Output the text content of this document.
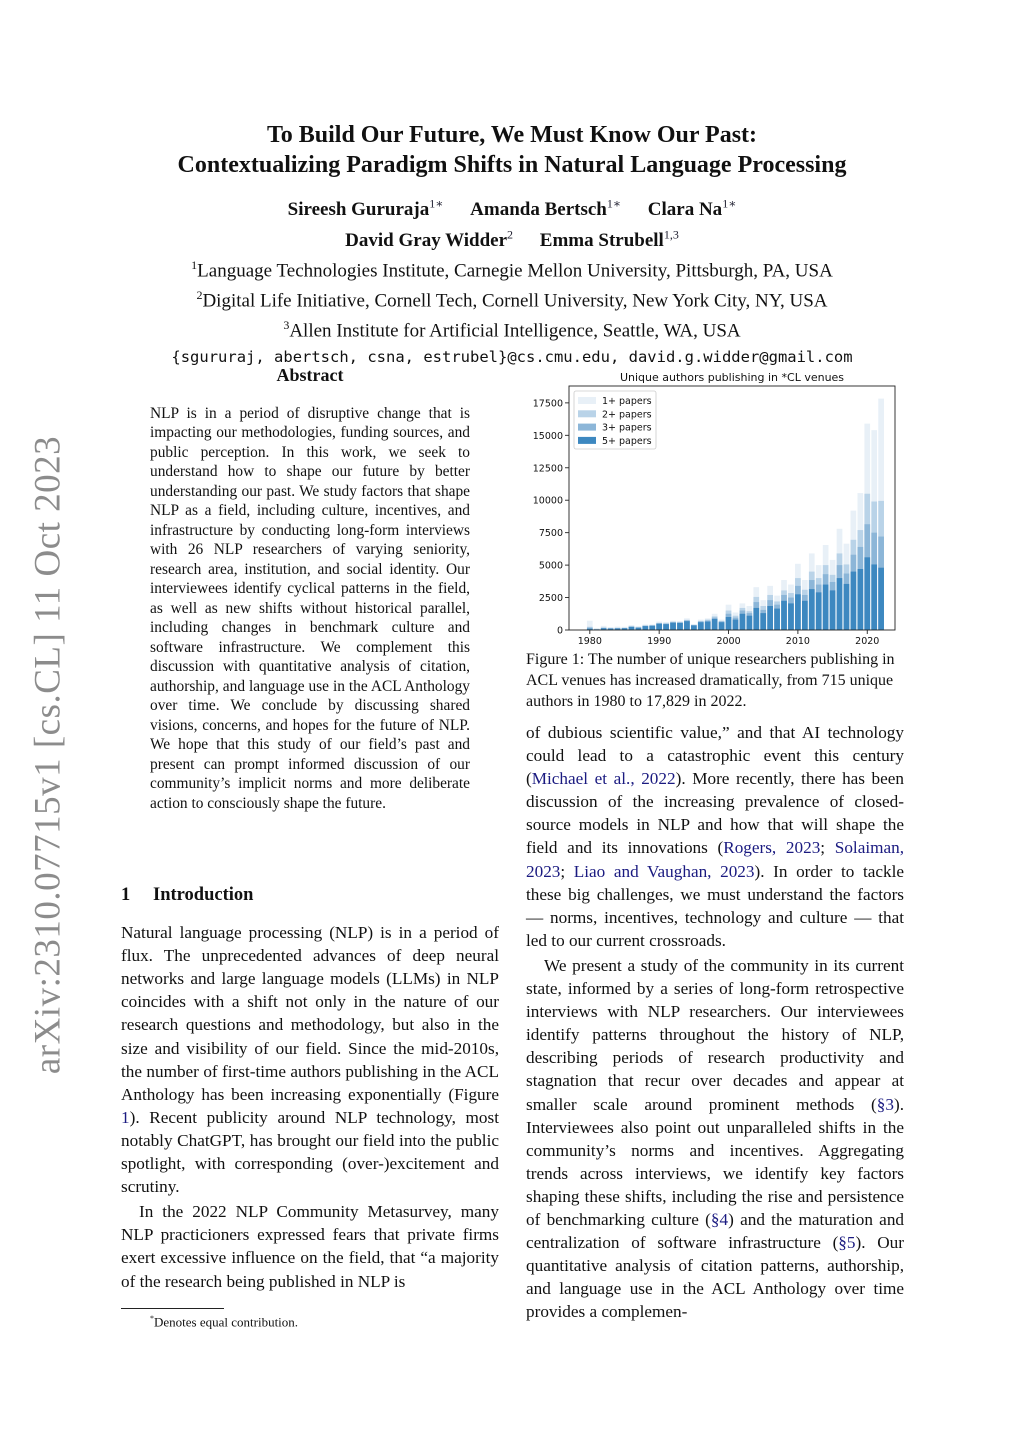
arXiv:2310.07715v1 [cs.CL] 11 Oct 2023
To Build Our Future, We Must Know Our Past:
Contextualizing Paradigm Shifts in Natural Language Processing
Sireesh Gururaja$^{1∗}$ Amanda Bertsch$^{1∗}$ Clara $Na^{1∗}$
David Gray Widder$^2$ Emma Strubell$^{1,3}$
$^1$Language Technologies Institute, Carnegie Mellon University, Pittsburgh, PA, USA
$^2$Digital Life Initiative, Cornell Tech, Cornell University, New York City, NY, USA
$^3$Allen Institute for Artificial Intelligence, Seattle, WA, USA
{sgururaj, abertsch, csna, estrubel}@cs.cmu.edu, david.g.widder@gmail.com
Abstract

NLP is in a period of disruptive change that is impacting our methodologies, funding sources, and public perception. In this work, we seek to understand how to shape our future by better understanding our past. We study factors that shape NLP as a field, including culture, incentives, and infrastructure by conducting long-form interviews with 26 NLP researchers of varying seniority, research area, institution, and social identity. Our interviewees identify cyclical patterns in the field, as well as new shifts without historical parallel, including changes in benchmark culture and software infrastructure. We complement this discussion with quantitative analysis of citation, authorship, and language use in the ACL Anthology over time. We conclude by discussing shared visions, concerns, and hopes for the future of NLP. We hope that this study of our field’s past and present can prompt informed discussion of our community’s implicit norms and more deliberate action to consciously shape the future.

1 Introduction

Natural language processing (NLP) is in a period of flux. The unprecedented advances of deep neural networks and large language models (LLMs) in NLP coincides with a shift not only in the nature of our research questions and methodology, but also in the size and visibility of our field. Since the mid-2010s, the number of first-time authors publishing in the ACL Anthology has been increasing exponentially (Figure 1). Recent publicity around NLP technology, most notably ChatGPT, has brought our field into the public spotlight, with corresponding (over-)excitement and scrutiny.

In the 2022 NLP Community Metasurvey, many NLP practicioners expressed fears that private firms exert excessive influence on the field, that “a majority of the research being published in NLP is

Unique authors publishing in *CL venues
0
2500
5000
7500
10000
12500
15000
17500
1980	1990	2000	2010	2020
1+ papers
2+ papers
3+ papers
5+ papers
Figure 1: The number of unique researchers publishing in ACL venues has increased dramatically, from 715 unique authors in 1980 to 17,829 in 2022.

of dubious scientific value,” and that AI technology could lead to a catastrophic event this century (Michael et al., 2022). More recently, there has been discussion of the increasing prevalence of closed-source models in NLP and how that will shape the field and its innovations (Rogers, 2023; Solaiman, 2023; Liao and Vaughan, 2023). In order to tackle these big challenges, we must understand the factors — norms, incentives, technology and culture — that led to our current crossroads.

We present a study of the community in its current state, informed by a series of long-form retrospective interviews with NLP researchers. Our interviewees identify patterns throughout the history of NLP, describing periods of research productivity and stagnation that recur over decades and appear at smaller scale around prominent methods (§3). Interviewees also point out unparalleled shifts in the community’s norms and incentives. Aggregating trends across interviews, we identify key factors shaping these shifts, including the rise and persistence of benchmarking culture (§4) and the maturation and centralization of software infrastructure (§5). Our quantitative analysis of citation patterns, authorship, and language use in the ACL Anthology over time provides a complemen-

*Denotes equal contribution.
